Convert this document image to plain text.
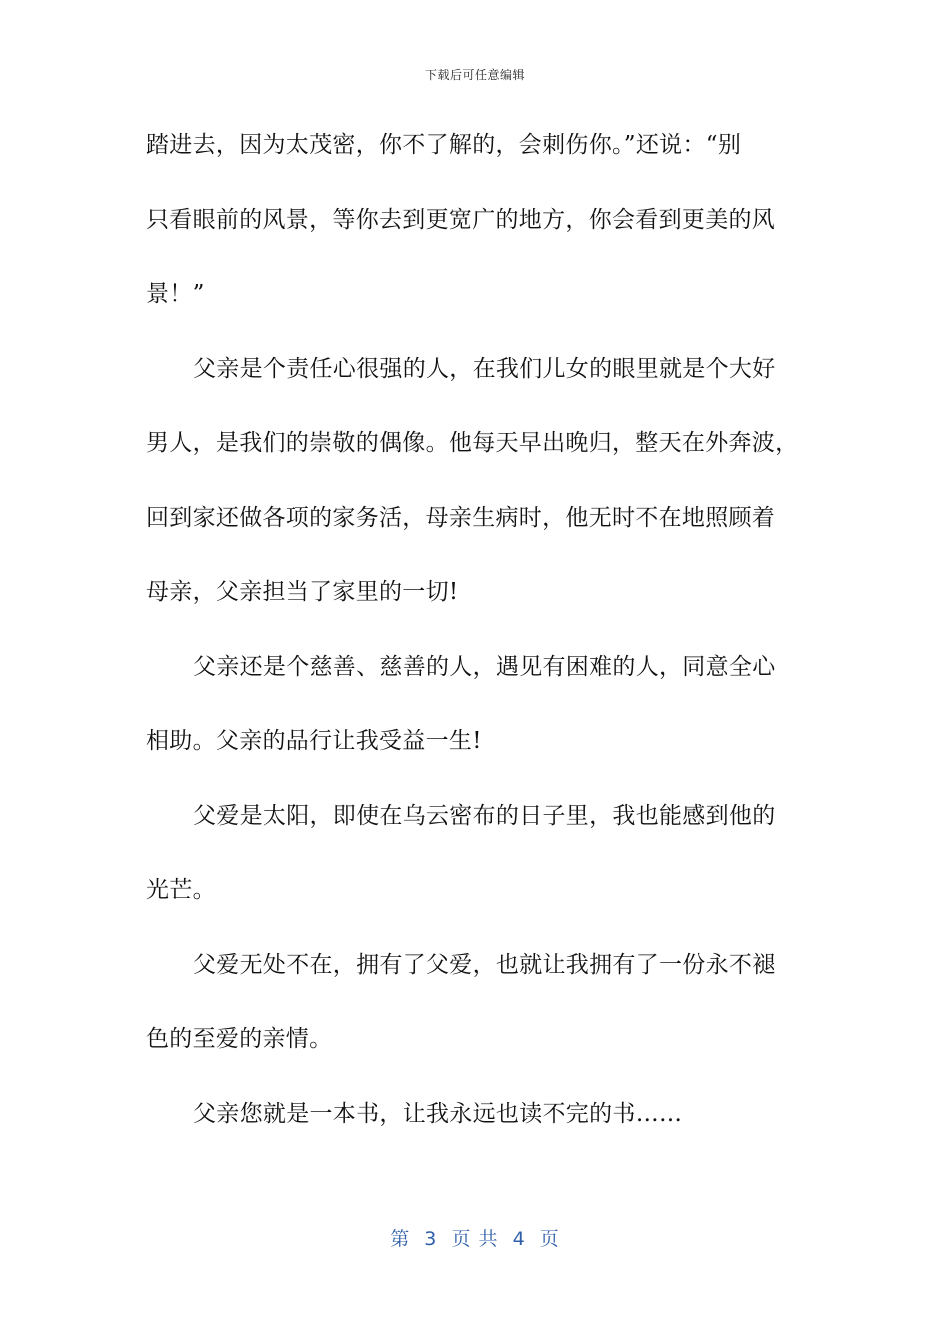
下载后可任意编辑
踏进去，因为太茂密，你不了解的，会刺伤你。”还说：“别
只看眼前的风景，等你去到更宽广的地方，你会看到更美的风
景！”
父亲是个责任心很强的人，在我们儿女的眼里就是个大好
男人，是我们的崇敬的偶像。他每天早出晚归，整天在外奔波，
回到家还做各项的家务活，母亲生病时，他无时不在地照顾着
母亲，父亲担当了家里的一切!
父亲还是个慈善、慈善的人，遇见有困难的人，同意全心
相助。父亲的品行让我受益一生!
父爱是太阳，即使在乌云密布的日子里，我也能感到他的
光芒。
父爱无处不在，拥有了父爱，也就让我拥有了一份永不褪
色的至爱的亲情。
父亲您就是一本书，让我永远也读不完的书……
第  3  页 共  4  页
